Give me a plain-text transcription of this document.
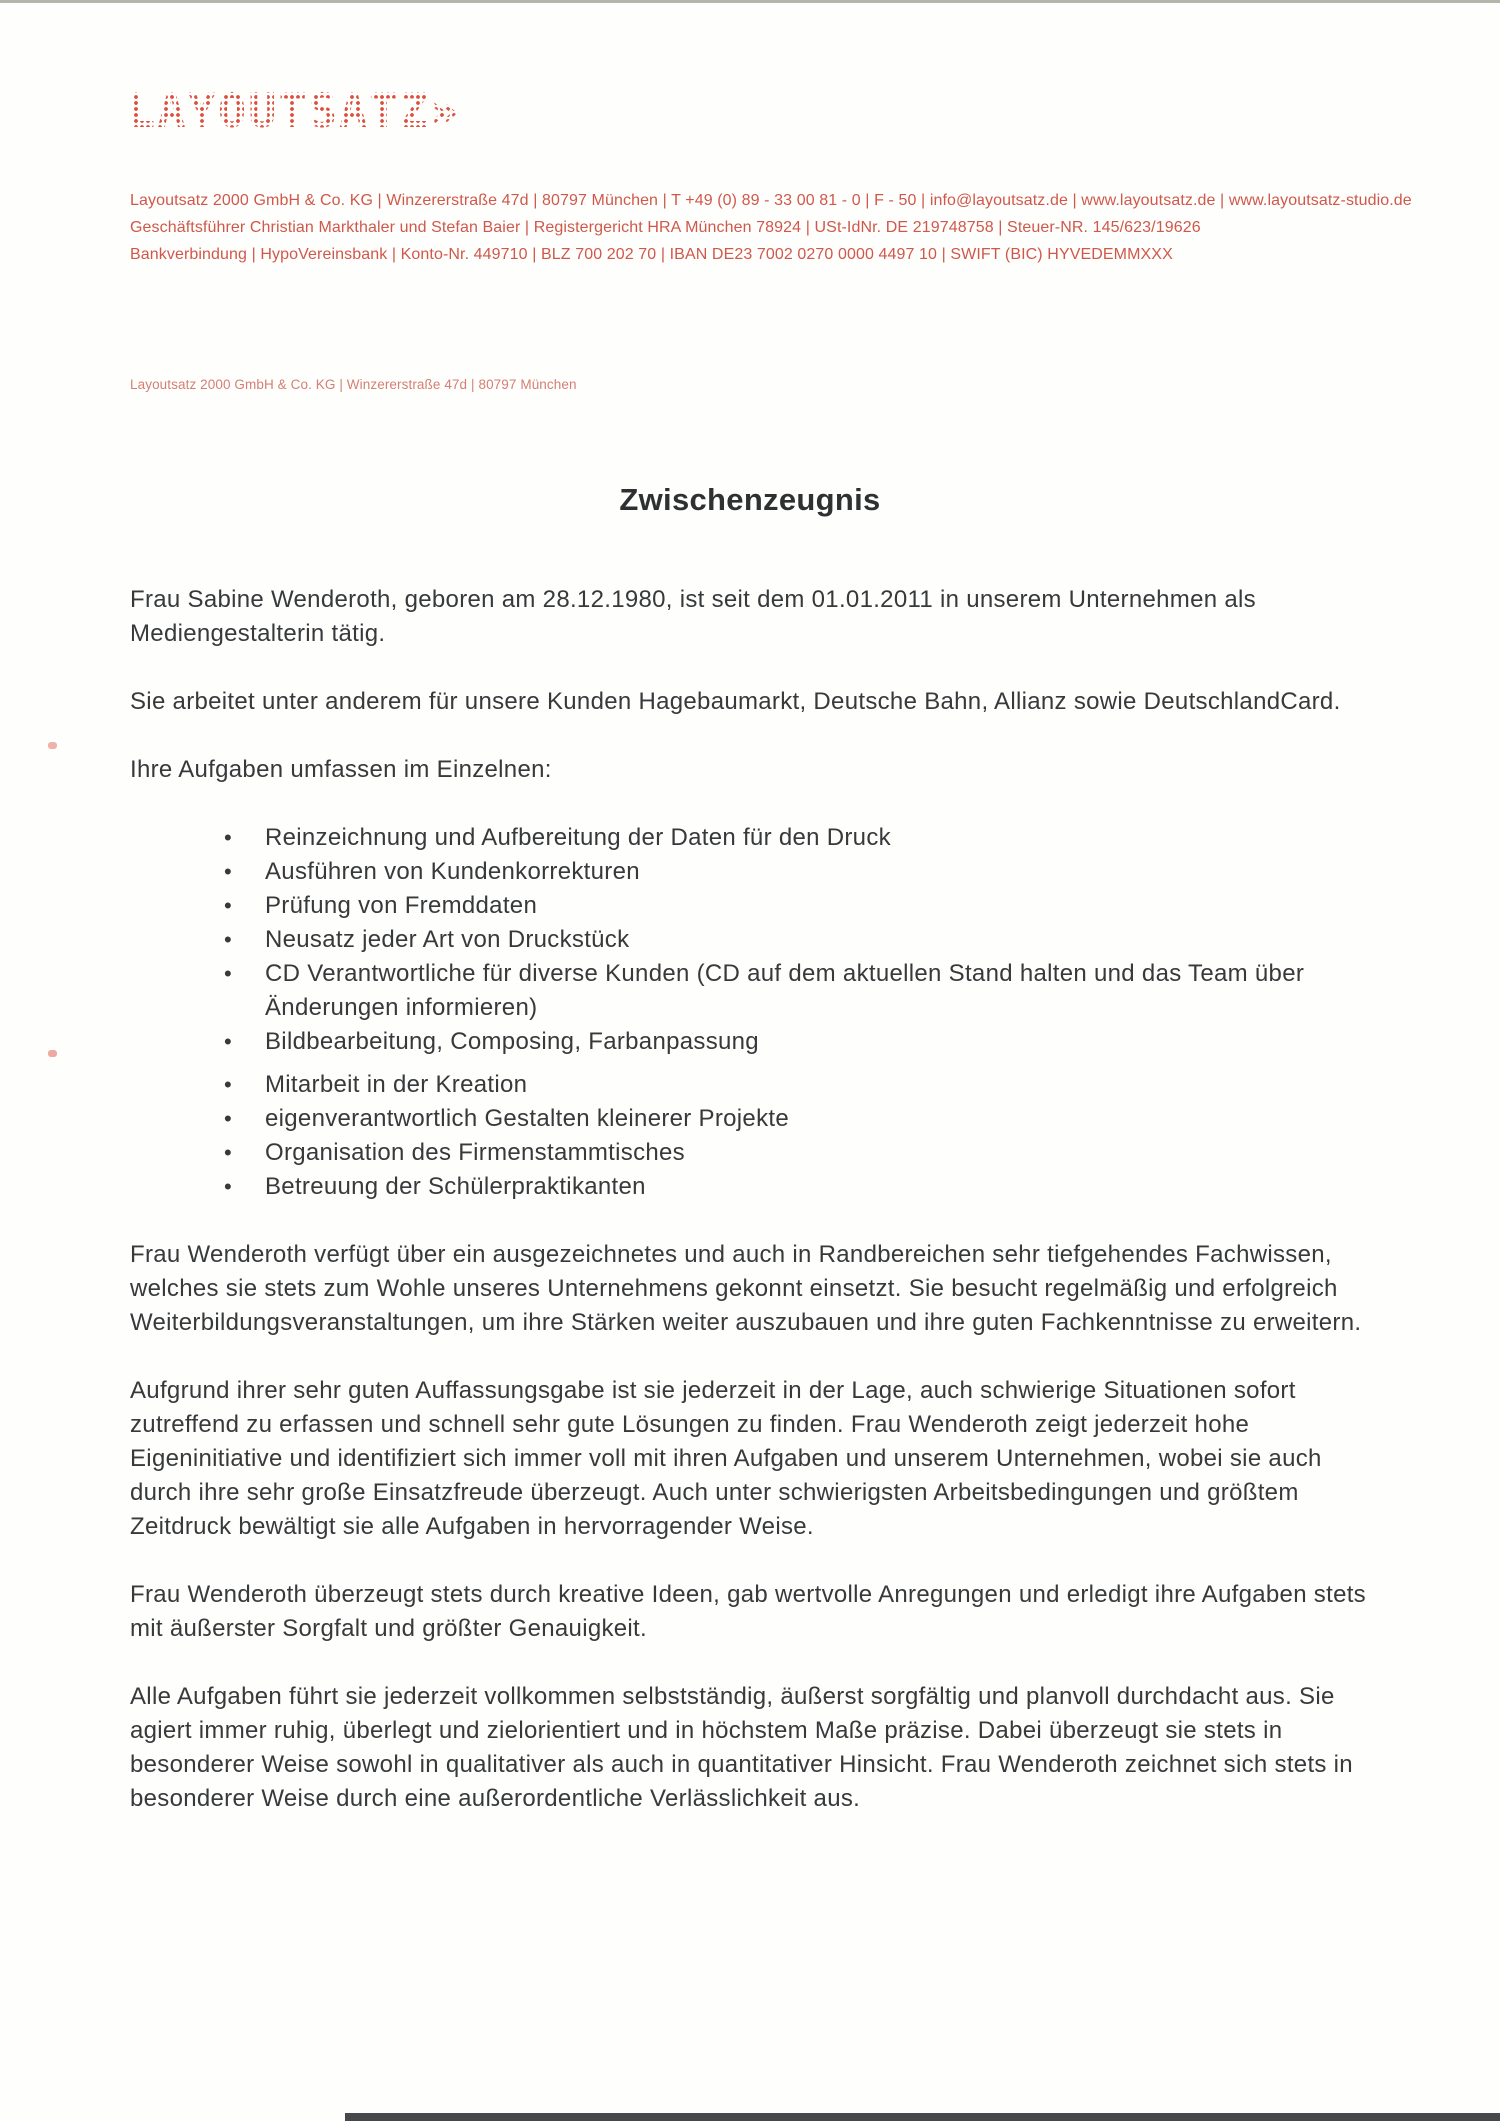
LAYOUTSATZ»
Layoutsatz 2000 GmbH & Co. KG | Winzererstraße 47d | 80797 München | T +49 (0) 89 - 33 00 81 - 0 | F - 50 | info@layoutsatz.de | www.layoutsatz.de | www.layoutsatz-studio.de
Geschäftsführer Christian Markthaler und Stefan Baier | Registergericht HRA München 78924 | USt-IdNr. DE 219748758 | Steuer-NR. 145/623/19626
Bankverbindung | HypoVereinsbank | Konto-Nr. 449710 | BLZ 700 202 70 | IBAN DE23 7002 0270 0000 4497 10 | SWIFT (BIC) HYVEDEMMXXX
Layoutsatz 2000 GmbH & Co. KG | Winzererstraße 47d | 80797 München
Zwischenzeugnis

Frau Sabine Wenderoth, geboren am 28.12.1980, ist seit dem 01.01.2011 in unserem Unternehmen als Mediengestalterin tätig.

Sie arbeitet unter anderem für unsere Kunden Hagebaumarkt, Deutsche Bahn, Allianz sowie DeutschlandCard.

Ihre Aufgaben umfassen im Einzelnen:

• Reinzeichnung und Aufbereitung der Daten für den Druck
• Ausführen von Kundenkorrekturen
• Prüfung von Fremddaten
• Neusatz jeder Art von Druckstück
• CD Verantwortliche für diverse Kunden (CD auf dem aktuellen Stand halten und das Team über Änderungen informieren)
• Bildbearbeitung, Composing, Farbanpassung
• Mitarbeit in der Kreation
• eigenverantwortlich Gestalten kleinerer Projekte
• Organisation des Firmenstammtisches
• Betreuung der Schülerpraktikanten

Frau Wenderoth verfügt über ein ausgezeichnetes und auch in Randbereichen sehr tiefgehendes Fachwissen, welches sie stets zum Wohle unseres Unternehmens gekonnt einsetzt. Sie besucht regelmäßig und erfolgreich Weiterbildungsveranstaltungen, um ihre Stärken weiter auszubauen und ihre guten Fachkenntnisse zu erweitern.

Aufgrund ihrer sehr guten Auffassungsgabe ist sie jederzeit in der Lage, auch schwierige Situationen sofort zutreffend zu erfassen und schnell sehr gute Lösungen zu finden. Frau Wenderoth zeigt jederzeit hohe Eigeninitiative und identifiziert sich immer voll mit ihren Aufgaben und unserem Unternehmen, wobei sie auch durch ihre sehr große Einsatzfreude überzeugt. Auch unter schwierigsten Arbeitsbedingungen und größtem Zeitdruck bewältigt sie alle Aufgaben in hervorragender Weise.

Frau Wenderoth überzeugt stets durch kreative Ideen, gab wertvolle Anregungen und erledigt ihre Aufgaben stets mit äußerster Sorgfalt und größter Genauigkeit.

Alle Aufgaben führt sie jederzeit vollkommen selbstständig, äußerst sorgfältig und planvoll durchdacht aus. Sie agiert immer ruhig, überlegt und zielorientiert und in höchstem Maße präzise. Dabei überzeugt sie stets in besonderer Weise sowohl in qualitativer als auch in quantitativer Hinsicht. Frau Wenderoth zeichnet sich stets in besonderer Weise durch eine außerordentliche Verlässlichkeit aus.
